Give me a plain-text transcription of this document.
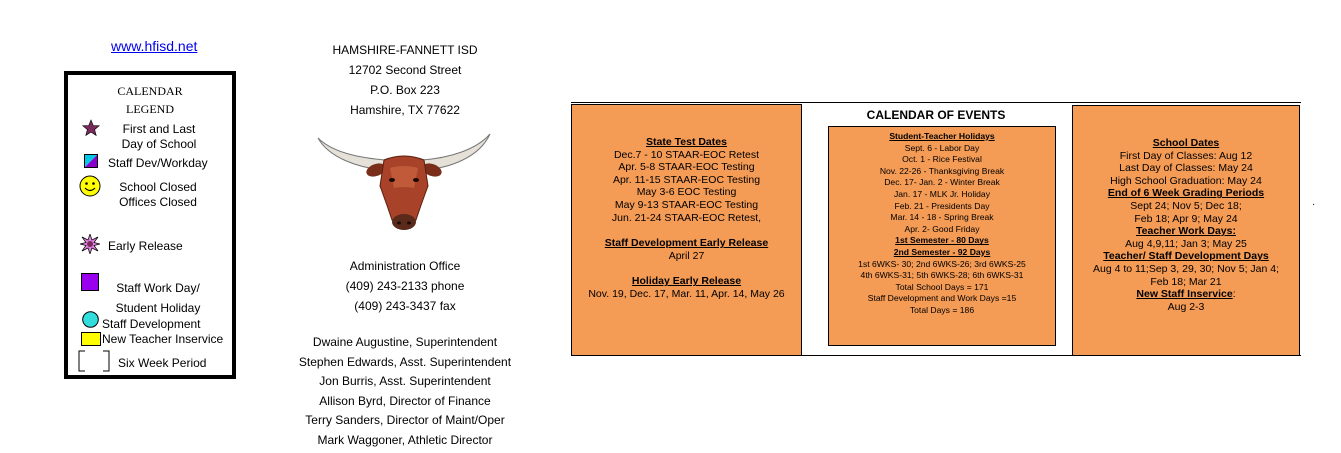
www.hfisd.net
CALENDAR
LEGEND
First and Last
Day of School
Staff Dev/Workday
School Closed
Offices Closed
Early Release
Staff Work Day/
Student Holiday
Staff Development
New Teacher Inservice
Six Week Period
HAMSHIRE-FANNETT ISD
12702 Second Street
P.O. Box 223
Hamshire, TX 77622
Administration Office
(409) 243-2133 phone
(409) 243-3437 fax
Dwaine Augustine, Superintendent
Stephen Edwards, Asst. Superintendent
Jon Burris, Asst. Superintendent
Allison Byrd, Director of Finance
Terry Sanders, Director of Maint/Oper
Mark Waggoner, Athletic Director
CALENDAR OF EVENTS
State Test Dates
Dec.7 - 10 STAAR-EOC Retest
Apr. 5-8 STAAR-EOC Testing
Apr. 11-15 STAAR-EOC Testing
May 3-6 EOC Testing
May 9-13 STAAR-EOC Testing
Jun. 21-24 STAAR-EOC Retest,
Staff Development Early Release
April 27
Holiday Early Release
Nov. 19, Dec. 17, Mar. 11, Apr. 14, May 26
Student-Teacher Holidays
Sept. 6 - Labor Day
Oct. 1 - Rice Festival
Nov. 22-26 - Thanksgiving Break
Dec. 17- Jan. 2 - Winter Break
Jan. 17 - MLK Jr. Holiday
Feb. 21 - Presidents Day
Mar. 14 - 18 - Spring Break
Apr. 2- Good Friday
1st Semester - 80 Days
2nd Semester - 92 Days
1st 6WKS- 30; 2nd 6WKS-26; 3rd 6WKS-25
4th 6WKS-31; 5th 6WKS-28; 6th 6WKS-31
Total School Days = 171
Staff Development and Work Days =15
Total Days = 186
School Dates
First Day of Classes: Aug 12
Last Day of Classes: May 24
High School Graduation: May 24
End of 6 Week Grading Periods
Sept 24; Nov 5; Dec 18;
Feb 18; Apr 9; May 24
Teacher Work Days:
Aug 4,9,11; Jan 3; May 25
Teacher/ Staff Development Days
Aug 4 to 11;Sep 3, 29, 30; Nov 5; Jan 4;
Feb 18; Mar 21
New Staff Inservice:
Aug 2-3
·
